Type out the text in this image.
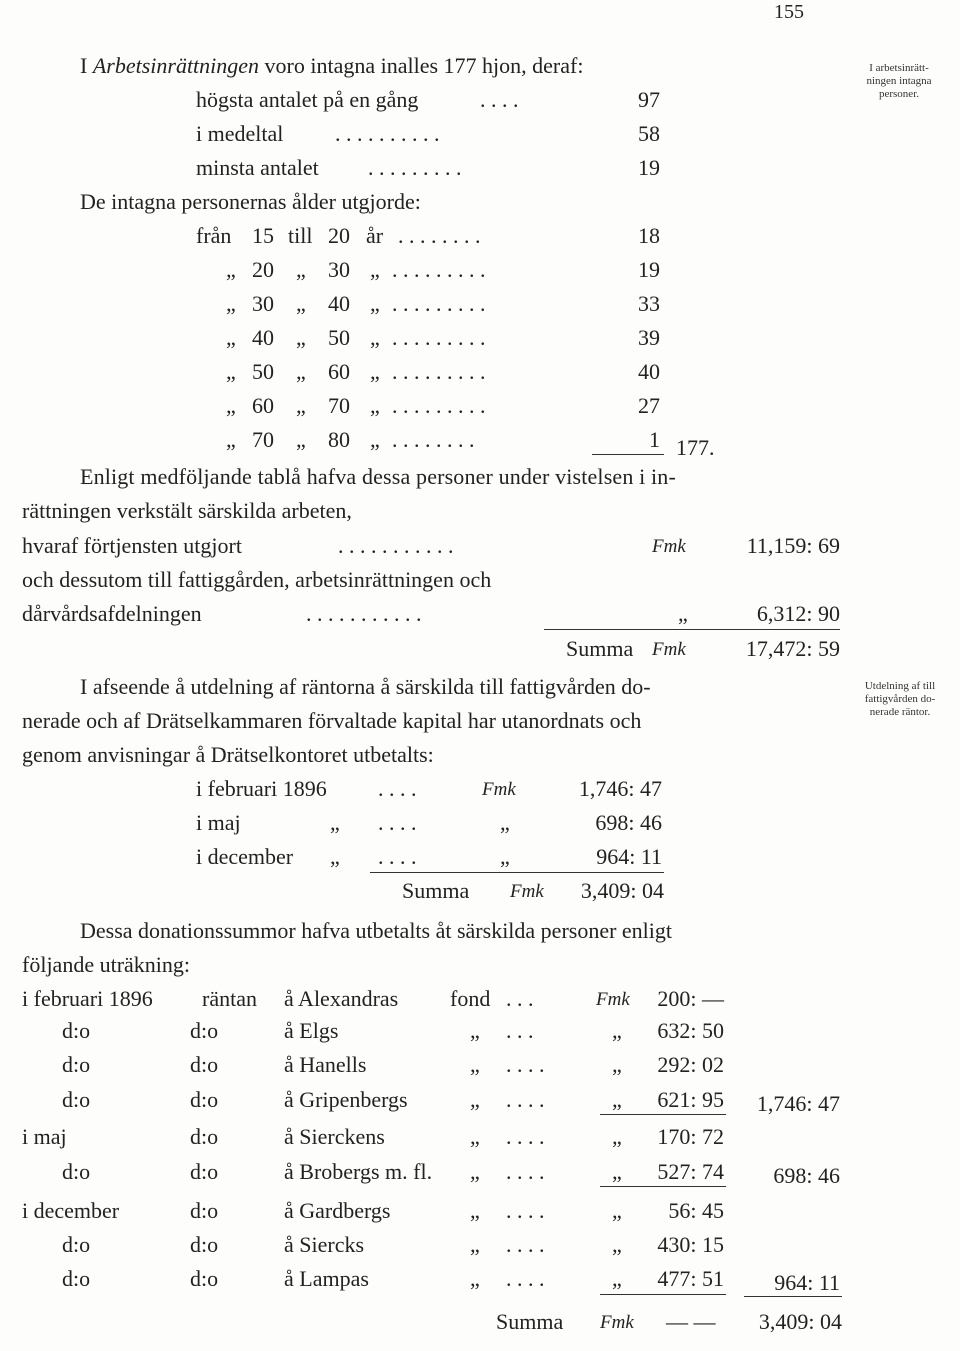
155
I arbetsinrätt-
ningen intagna
personer.
I Arbetsinrättningen voro intagna inalles 177 hjon, deraf:
högsta antalet på en gång	. . . .	97
i medeltal . . . . . . . . . .	58
minsta antalet . . . . . . . . .	19
De intagna personernas ålder utgjorde:
från 15 till 20 år . . . . . . . .	18
„ 20 „ 30 „ . . . . . . . . .	19
„ 30 „ 40 „ . . . . . . . . .	33
„ 40 „ 50 „ . . . . . . . . .	39
„ 50 „ 60 „ . . . . . . . . .	40
„ 60 „ 70 „ . . . . . . . . .	27
„ 70 „ 80 „ . . . . . . . .	1 177.
Enligt medföljande tablå hafva dessa personer under vistelsen i in-
rättningen verkstält särskilda arbeten,
hvaraf förtjensten utgjort	. . . . . . . . . . .	Fmk	11,159: 69
och dessutom till fattiggården, arbetsinrättningen och
dårvårdsafdelningen	. . . . . . . . . . .	„	6,312: 90
Summa Fmk	17,472: 59
Utdelning af till
fattigvården do-
nerade räntor.
I afseende å utdelning af räntorna å särskilda till fattigvården do-
nerade och af Drätselkammaren förvaltade kapital har utanordnats och
genom anvisningar å Drätselkontoret utbetalts:
i februari 1896 . . . .	Fmk	1,746: 47
i maj	„ . . . .	„	698: 46
i december „ . . . .	„	964: 11
Summa Fmk	3,409: 04
Dessa donationssummor hafva utbetalts åt särskilda personer enligt
följande uträkning:
i februari 1896 räntan å Alexandras fond . . .	Fmk	200: —
d:o	d:o	å Elgs	„ . . .	„	632: 50
d:o	d:o	å Hanells	„ . . . .	„	292: 02
d:o	d:o	å Gripenbergs	„ . . . .	„	621: 95	1,746: 47
i maj	d:o	å Sierckens	„ . . . .	„	170: 72
d:o	d:o	å Brobergs m. fl. „ . . . .	„	527: 74	698: 46
i december	d:o	å Gardbergs	„ . . . .	„	56: 45
d:o	d:o	å Siercks	„ . . . .	„	430: 15
d:o	d:o	å Lampas	„ . . . .	„	477: 51	964: 11
Summa Fmk — —	3,409: 04
